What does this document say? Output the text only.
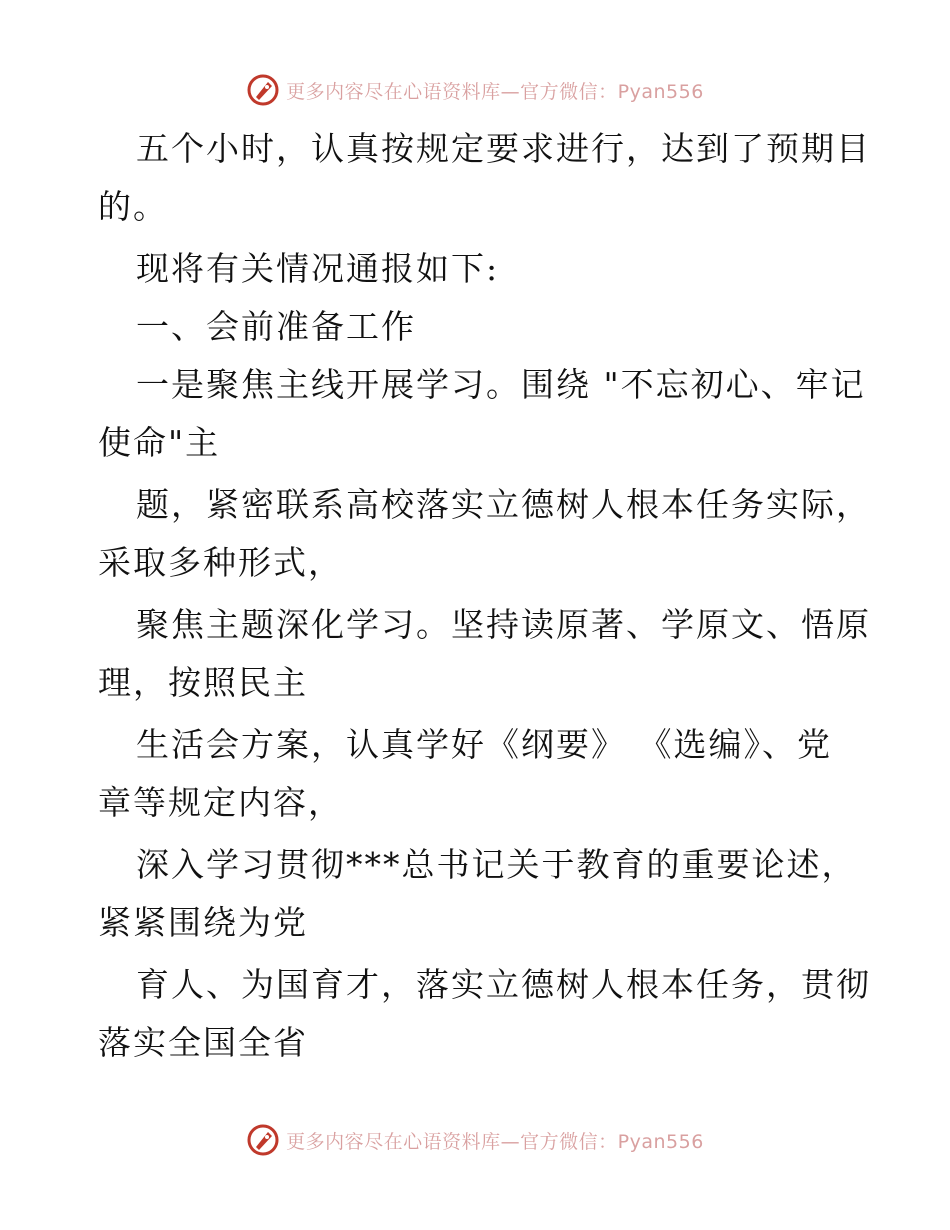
更多内容尽在心语资料库—官方微信：Pyan556
五个小时，认真按规定要求进行，达到了预期目
的。
现将有关情况通报如下:
一、会前准备工作
一是聚焦主线开展学习。围绕 "不忘初心、牢记
使命"主
题，紧密联系高校落实立德树人根本任务实际，
采取多种形式，
聚焦主题深化学习。坚持读原著、学原文、悟原
理，按照民主
生活会方案，认真学好《纲要》 《选编》、党
章等规定内容，
深入学习贯彻***总书记关于教育的重要论述，
紧紧围绕为党
育人、为国育才，落实立德树人根本任务，贯彻
落实全国全省
更多内容尽在心语资料库—官方微信：Pyan556
